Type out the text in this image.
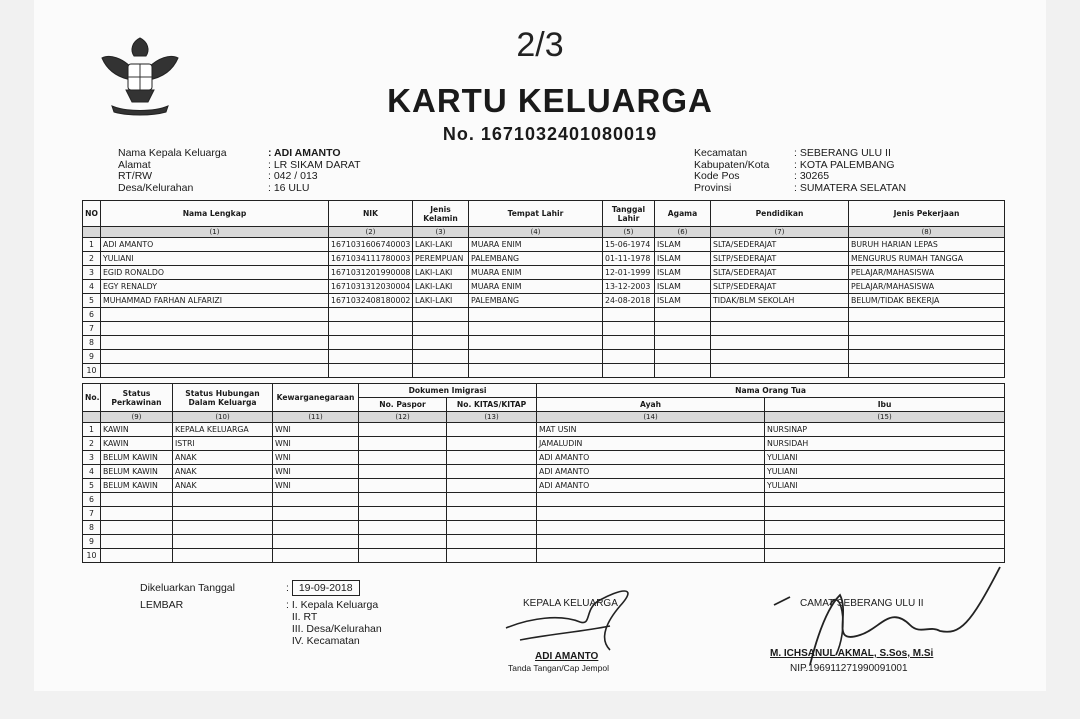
2/3
KARTU KELUARGA
No. 1671032401080019
Nama Kepala Keluarga	: ADI AMANTO
Alamat	: LR SIKAM DARAT
RT/RW	: 042 / 013
Desa/Kelurahan	: 16 ULU
Kecamatan	: SEBERANG ULU II
Kabupaten/Kota	: KOTA PALEMBANG
Kode Pos	: 30265
Provinsi	: SUMATERA SELATAN
NO	Nama Lengkap	NIK	Jenis Kelamin	Tempat Lahir	Tanggal Lahir	Agama	Pendidikan	Jenis Pekerjaan
	(1)	(2)	(3)	(4)	(5)	(6)	(7)	(8)
1	ADI AMANTO	1671031606740003	LAKI-LAKI	MUARA ENIM	15-06-1974	ISLAM	SLTA/SEDERAJAT	BURUH HARIAN LEPAS
2	YULIANI	1671034111780003	PEREMPUAN	PALEMBANG	01-11-1978	ISLAM	SLTP/SEDERAJAT	MENGURUS RUMAH TANGGA
3	EGID RONALDO	1671031201990008	LAKI-LAKI	MUARA ENIM	12-01-1999	ISLAM	SLTA/SEDERAJAT	PELAJAR/MAHASISWA
4	EGY RENALDY	1671031312030004	LAKI-LAKI	MUARA ENIM	13-12-2003	ISLAM	SLTP/SEDERAJAT	PELAJAR/MAHASISWA
5	MUHAMMAD FARHAN ALFARIZI	1671032408180002	LAKI-LAKI	PALEMBANG	24-08-2018	ISLAM	TIDAK/BLM SEKOLAH	BELUM/TIDAK BEKERJA
6								
7								
8								
9								
10								
No.	Status Perkawinan	Status Hubungan Dalam Keluarga	Kewarganegaraan	Dokumen Imigrasi		Nama Orang Tua	
				No. Paspor	No. KITAS/KITAP	Ayah	Ibu
	(9)	(10)	(11)	(12)	(13)	(14)	(15)
1	KAWIN	KEPALA KELUARGA	WNI			MAT USIN	NURSINAP
2	KAWIN	ISTRI	WNI			JAMALUDIN	NURSIDAH
3	BELUM KAWIN	ANAK	WNI			ADI AMANTO	YULIANI
4	BELUM KAWIN	ANAK	WNI			ADI AMANTO	YULIANI
5	BELUM KAWIN	ANAK	WNI			ADI AMANTO	YULIANI
6							
7							
8							
9							
10							
Dikeluarkan Tanggal	: 19-09-2018
LEMBAR	: I. Kepala Keluarga
II. RT
III. Desa/Kelurahan
IV. Kecamatan
KEPALA KELUARGA
ADI AMANTO
Tanda Tangan/Cap Jempol
CAMAT SEBERANG ULU II
M. ICHSANUL AKMAL, S.Sos, M.Si
NIP.196911271990091001
